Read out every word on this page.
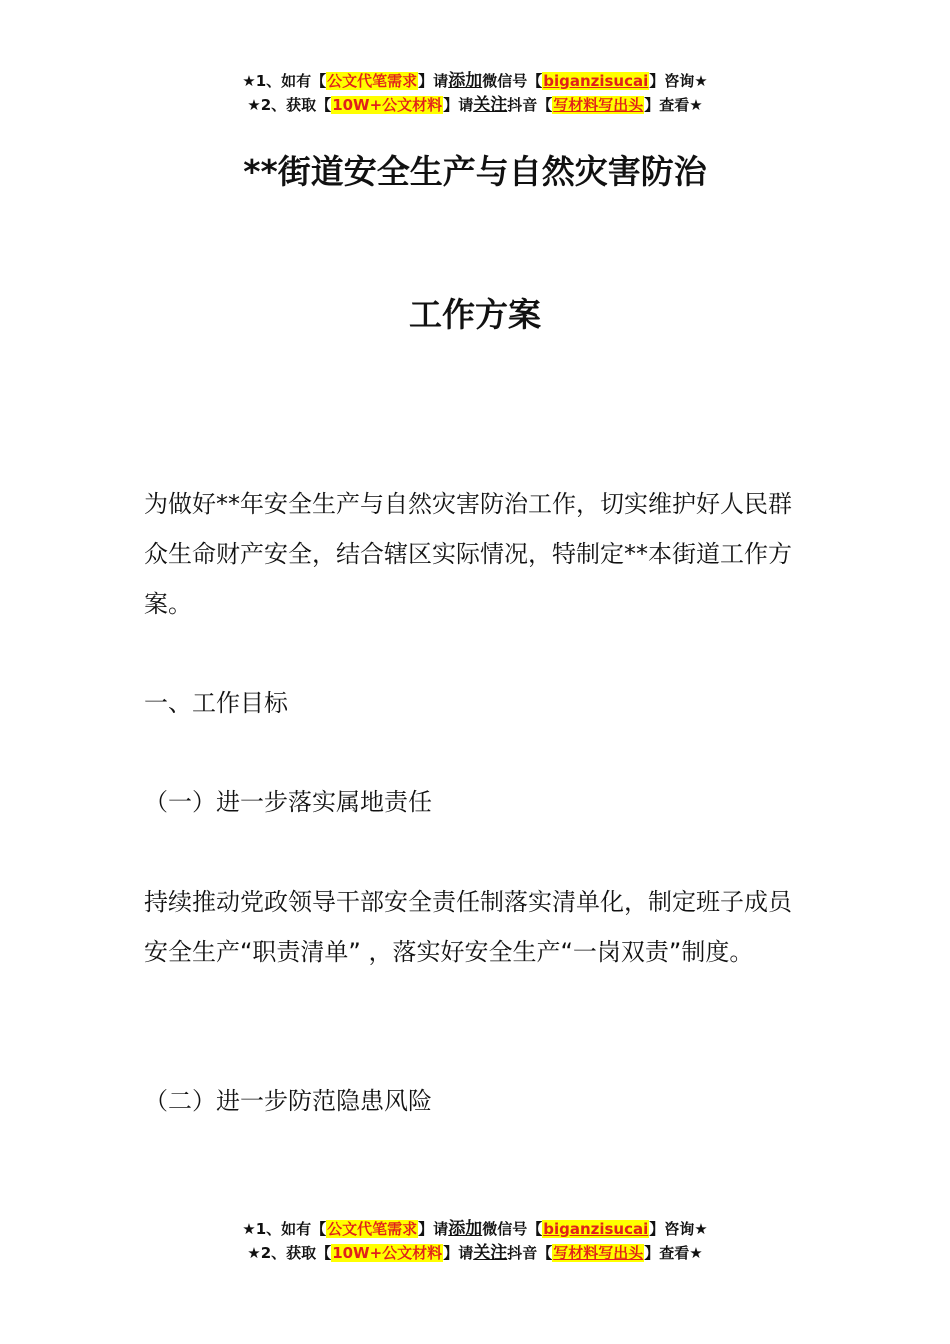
★1、如有【公文代笔需求】请添加微信号【biganzisucai】咨询★
★2、获取【10W+公文材料】请关注抖音【写材料写出头】查看★
**街道安全生产与自然灾害防治
工作方案

为做好**年安全生产与自然灾害防治工作，切实维护好人民群众生命财产安全，结合辖区实际情况，特制定**本街道工作方案。

一、工作目标

（一）进一步落实属地责任

持续推动党政领导干部安全责任制落实清单化，制定班子成员安全生产“职责清单” ，落实好安全生产“一岗双责”制度。

（二）进一步防范隐患风险

★1、如有【公文代笔需求】请添加微信号【biganzisucai】咨询★
★2、获取【10W+公文材料】请关注抖音【写材料写出头】查看★
